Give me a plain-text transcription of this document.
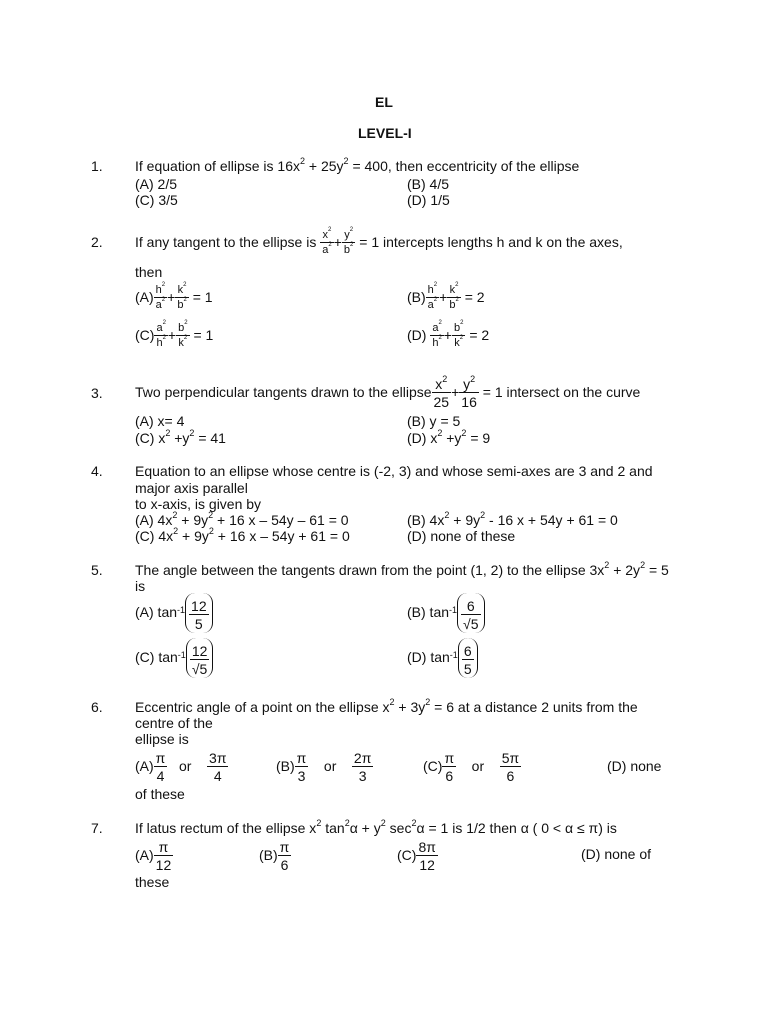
EL
LEVEL-I
1. If equation of ellipse is $16x^2 + 25y^2 = 400$, then eccentricity of the ellipse
(A) 2/5	(B) 4/5
(C) 3/5	(D) 1/5
2. If any tangent to the ellipse is $\frac{x^2}{a^2} + \frac{y^2}{b^2} = 1$ intercepts lengths h and k on the axes,
then
$(A) \frac{h^2}{a^2} + \frac{k^2}{b^2} = 1$	$(B) \frac{h^2}{a^2} + \frac{k^2}{b^2} = 2$
$(C) \frac{a^2}{h^2} + \frac{b^2}{k^2} = 1$	$(D) \frac{a^2}{h^2} + \frac{b^2}{k^2} = 2$
3. Two perpendicular tangents drawn to the ellipse $\frac{x^2}{25} + \frac{y^2}{16} = 1$ intersect on the curve
(A) x= 4	(B) y = 5
(C) $x^2 +y^2 = 41$	(D) $x^2 +y^2 = 9$
4. Equation to an ellipse whose centre is (-2, 3) and whose semi-axes are 3 and 2 and
major axis parallel
to x-axis, is given by
(A) $4x^2 + 9y^2 + 16$ x – 54y – 61 = 0	(B) $4x^2 + 9y^2 - 16$ x + 54y + 61 = 0
(C) $4x^2 + 9y^2 + 16$ x – 54y + 61 = 0	(D) none of these
5. The angle between the tangents drawn from the point (1, 2) to the ellipse $3x^2 + 2y^2 = 5$
is
(A) $\tan^{-1} \frac{12}{5}$	(B) $\tan^{-1} \frac{6}{√5}$
(C) $\tan^{-1} \frac{12}{√5}$	(D) $\tan^{-1} \frac{6}{5}$
6. Eccentric angle of a point on the ellipse $x^2 + 3y^2 = 6$ at a distance 2 units from the
centre of the
ellipse is
$(A) \frac{\pi}{4}$ or $\frac{3\pi}{4}$	$(B) \frac{\pi}{3}$ or $\frac{2\pi}{3}$	$(C) \frac{\pi}{6}$ or $\frac{5\pi}{6}$	(D) none
of these
7. If latus rectum of the ellipse $x^2$ $\tan^2\alpha + y^2$ $\sec^2\alpha = 1$ is 1/2 then α ( 0 < α ≤ π) is
$(A) \frac{\pi}{12}$	$(B) \frac{\pi}{6}$	$(C) \frac{8\pi}{12}$	(D) none of
these
